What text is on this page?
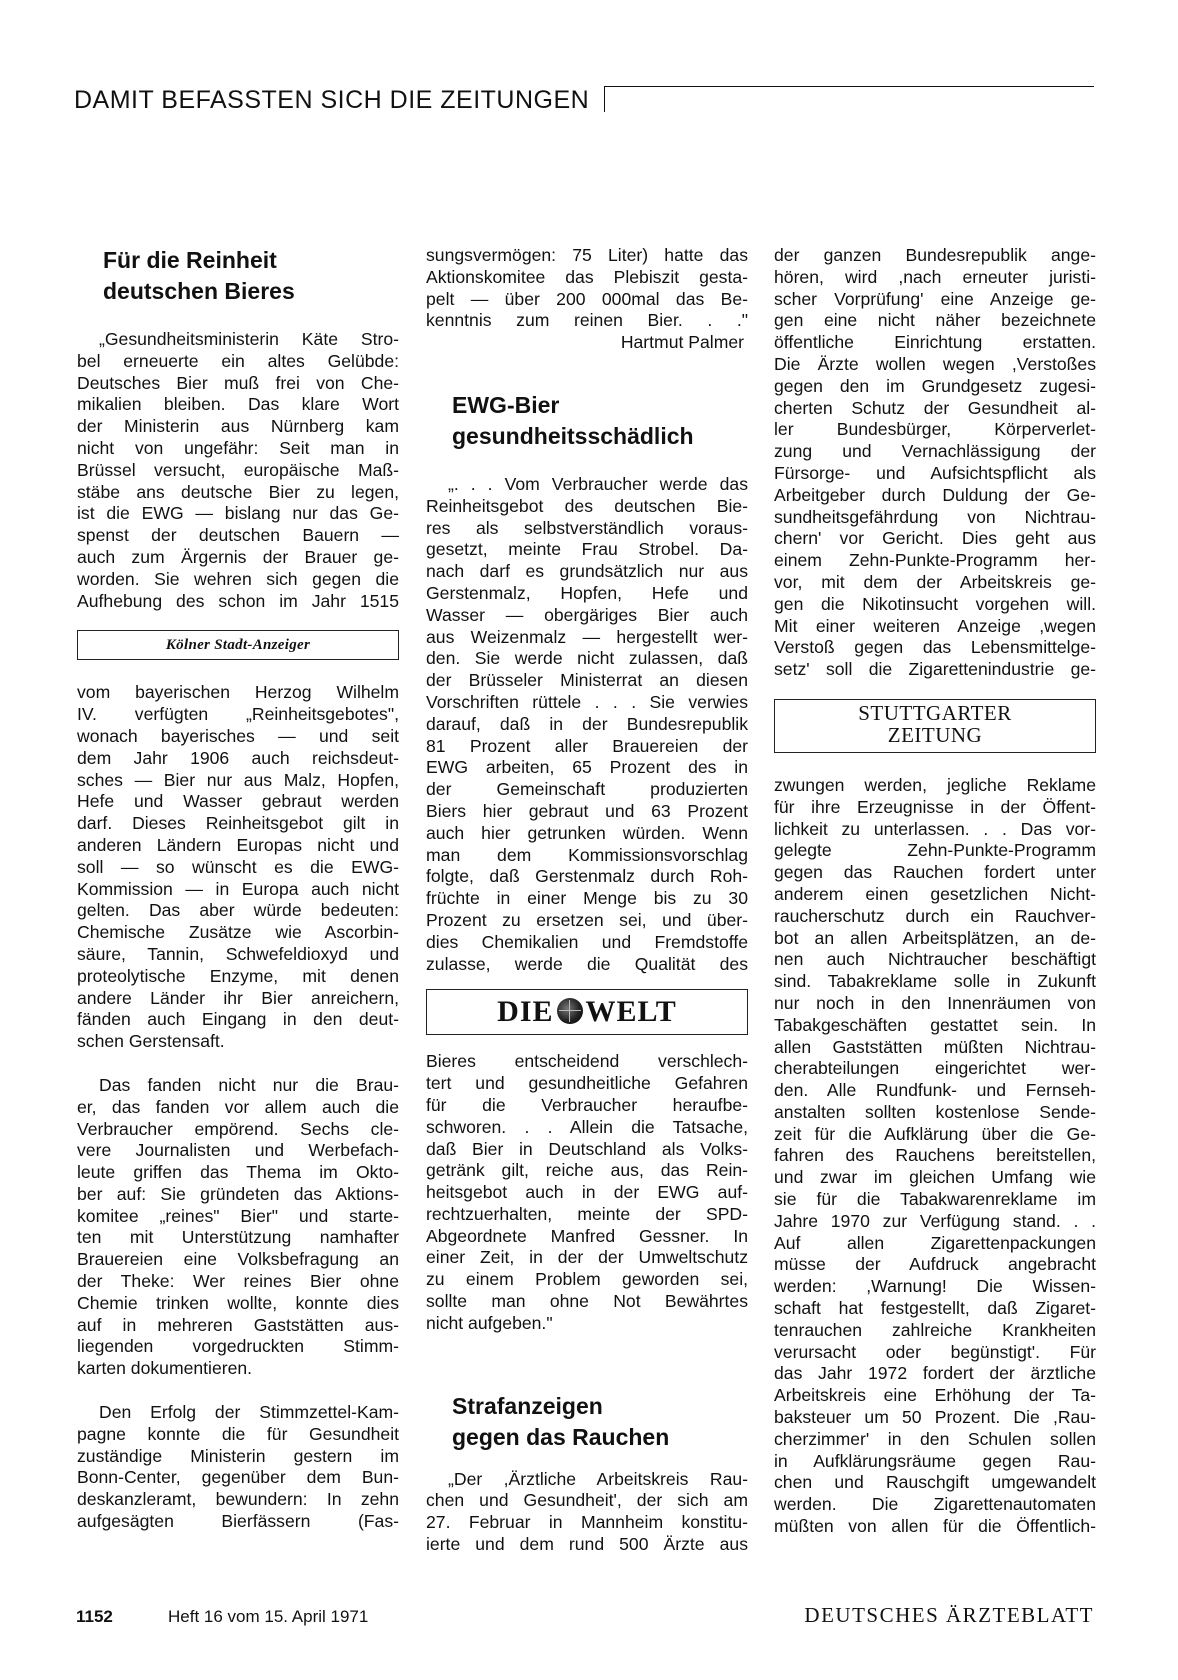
DAMIT BEFASSTEN SICH DIE ZEITUNGEN
Für die Reinheit
deutschen Bieres
„Gesundheitsministerin Käte Stro-
bel erneuerte ein altes Gelübde:
Deutsches Bier muß frei von Che-
mikalien bleiben. Das klare Wort
der Ministerin aus Nürnberg kam
nicht von ungefähr: Seit man in
Brüssel versucht, europäische Maß-
stäbe ans deutsche Bier zu legen,
ist die EWG — bislang nur das Ge-
spenst der deutschen Bauern —
auch zum Ärgernis der Brauer ge-
worden. Sie wehren sich gegen die
Aufhebung des schon im Jahr 1515
Kölner Stadt-Anzeiger
vom bayerischen Herzog Wilhelm
IV. verfügten „Reinheitsgebotes",
wonach bayerisches — und seit
dem Jahr 1906 auch reichsdeut-
sches — Bier nur aus Malz, Hopfen,
Hefe und Wasser gebraut werden
darf. Dieses Reinheitsgebot gilt in
anderen Ländern Europas nicht und
soll — so wünscht es die EWG-
Kommission — in Europa auch nicht
gelten. Das aber würde bedeuten:
Chemische Zusätze wie Ascorbin-
säure, Tannin, Schwefeldioxyd und
proteolytische Enzyme, mit denen
andere Länder ihr Bier anreichern,
fänden auch Eingang in den deut-
schen Gerstensaft.
Das fanden nicht nur die Brau-
er, das fanden vor allem auch die
Verbraucher empörend. Sechs cle-
vere Journalisten und Werbefach-
leute griffen das Thema im Okto-
ber auf: Sie gründeten das Aktions-
komitee „reines" Bier" und starte-
ten mit Unterstützung namhafter
Brauereien eine Volksbefragung an
der Theke: Wer reines Bier ohne
Chemie trinken wollte, konnte dies
auf in mehreren Gaststätten aus-
liegenden vorgedruckten Stimm-
karten dokumentieren.
Den Erfolg der Stimmzettel-Kam-
pagne konnte die für Gesundheit
zuständige Ministerin gestern im
Bonn-Center, gegenüber dem Bun-
deskanzleramt, bewundern: In zehn
aufgesägten Bierfässern (Fas-
sungsvermögen: 75 Liter) hatte das
Aktionskomitee das Plebiszit gesta-
pelt — über 200 000mal das Be-
kenntnis zum reinen Bier. . ."
Hartmut Palmer
EWG-Bier
gesundheitsschädlich
„. . . Vom Verbraucher werde das
Reinheitsgebot des deutschen Bie-
res als selbstverständlich voraus-
gesetzt, meinte Frau Strobel. Da-
nach darf es grundsätzlich nur aus
Gerstenmalz, Hopfen, Hefe und
Wasser — obergäriges Bier auch
aus Weizenmalz — hergestellt wer-
den. Sie werde nicht zulassen, daß
der Brüsseler Ministerrat an diesen
Vorschriften rüttele . . . Sie verwies
darauf, daß in der Bundesrepublik
81 Prozent aller Brauereien der
EWG arbeiten, 65 Prozent des in
der Gemeinschaft produzierten
Biers hier gebraut und 63 Prozent
auch hier getrunken würden. Wenn
man dem Kommissionsvorschlag
folgte, daß Gerstenmalz durch Roh-
früchte in einer Menge bis zu 30
Prozent zu ersetzen sei, und über-
dies Chemikalien und Fremdstoffe
zulasse, werde die Qualität des
DIE WELT
Bieres entscheidend verschlech-
tert und gesundheitliche Gefahren
für die Verbraucher heraufbe-
schworen. . . Allein die Tatsache,
daß Bier in Deutschland als Volks-
getränk gilt, reiche aus, das Rein-
heitsgebot auch in der EWG auf-
rechtzuerhalten, meinte der SPD-
Abgeordnete Manfred Gessner. In
einer Zeit, in der der Umweltschutz
zu einem Problem geworden sei,
sollte man ohne Not Bewährtes
nicht aufgeben."
Strafanzeigen
gegen das Rauchen
„Der ,Ärztliche Arbeitskreis Rau-
chen und Gesundheit', der sich am
27. Februar in Mannheim konstitu-
ierte und dem rund 500 Ärzte aus
der ganzen Bundesrepublik ange-
hören, wird ,nach erneuter juristi-
scher Vorprüfung' eine Anzeige ge-
gen eine nicht näher bezeichnete
öffentliche Einrichtung erstatten.
Die Ärzte wollen wegen ,Verstoßes
gegen den im Grundgesetz zugesi-
cherten Schutz der Gesundheit al-
ler Bundesbürger, Körperverlet-
zung und Vernachlässigung der
Fürsorge- und Aufsichtspflicht als
Arbeitgeber durch Duldung der Ge-
sundheitsgefährdung von Nichtrau-
chern' vor Gericht. Dies geht aus
einem Zehn-Punkte-Programm her-
vor, mit dem der Arbeitskreis ge-
gen die Nikotinsucht vorgehen will.
Mit einer weiteren Anzeige ,wegen
Verstoß gegen das Lebensmittelge-
setz' soll die Zigarettenindustrie ge-
STUTTGARTER
ZEITUNG
zwungen werden, jegliche Reklame
für ihre Erzeugnisse in der Öffent-
lichkeit zu unterlassen. . . Das vor-
gelegte Zehn-Punkte-Programm
gegen das Rauchen fordert unter
anderem einen gesetzlichen Nicht-
raucherschutz durch ein Rauchver-
bot an allen Arbeitsplätzen, an de-
nen auch Nichtraucher beschäftigt
sind. Tabakreklame solle in Zukunft
nur noch in den Innenräumen von
Tabakgeschäften gestattet sein. In
allen Gaststätten müßten Nichtrau-
cherabteilungen eingerichtet wer-
den. Alle Rundfunk- und Fernseh-
anstalten sollten kostenlose Sende-
zeit für die Aufklärung über die Ge-
fahren des Rauchens bereitstellen,
und zwar im gleichen Umfang wie
sie für die Tabakwarenreklame im
Jahre 1970 zur Verfügung stand. . .
Auf allen Zigarettenpackungen
müsse der Aufdruck angebracht
werden: ,Warnung! Die Wissen-
schaft hat festgestellt, daß Zigaret-
tenrauchen zahlreiche Krankheiten
verursacht oder begünstigt'. Für
das Jahr 1972 fordert der ärztliche
Arbeitskreis eine Erhöhung der Ta-
baksteuer um 50 Prozent. Die ,Rau-
cherzimmer' in den Schulen sollen
in Aufklärungsräume gegen Rau-
chen und Rauschgift umgewandelt
werden. Die Zigarettenautomaten
müßten von allen für die Öffentlich-
1152	Heft 16 vom 15. April 1971	DEUTSCHES ÄRZTEBLATT
